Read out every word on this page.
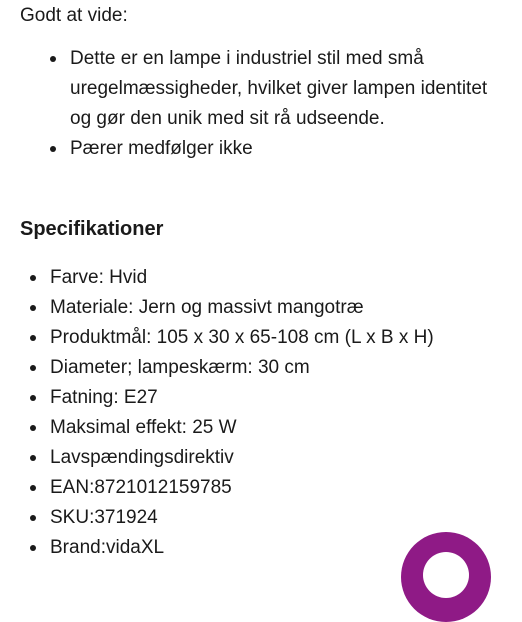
Godt at vide:

Dette er en lampe i industriel stil med små uregelmæssigheder, hvilket giver lampen identitet og gør den unik med sit rå udseende.
Pærer medfølger ikke
Specifikationer
Farve: Hvid
Materiale: Jern og massivt mangotræ
Produktmål: 105 x 30 x 65-108 cm (L x B x H)
Diameter; lampeskærm: 30 cm
Fatning: E27
Maksimal effekt: 25 W
Lavspændingsdirektiv
EAN:8721012159785
SKU:371924
Brand:vidaXL
